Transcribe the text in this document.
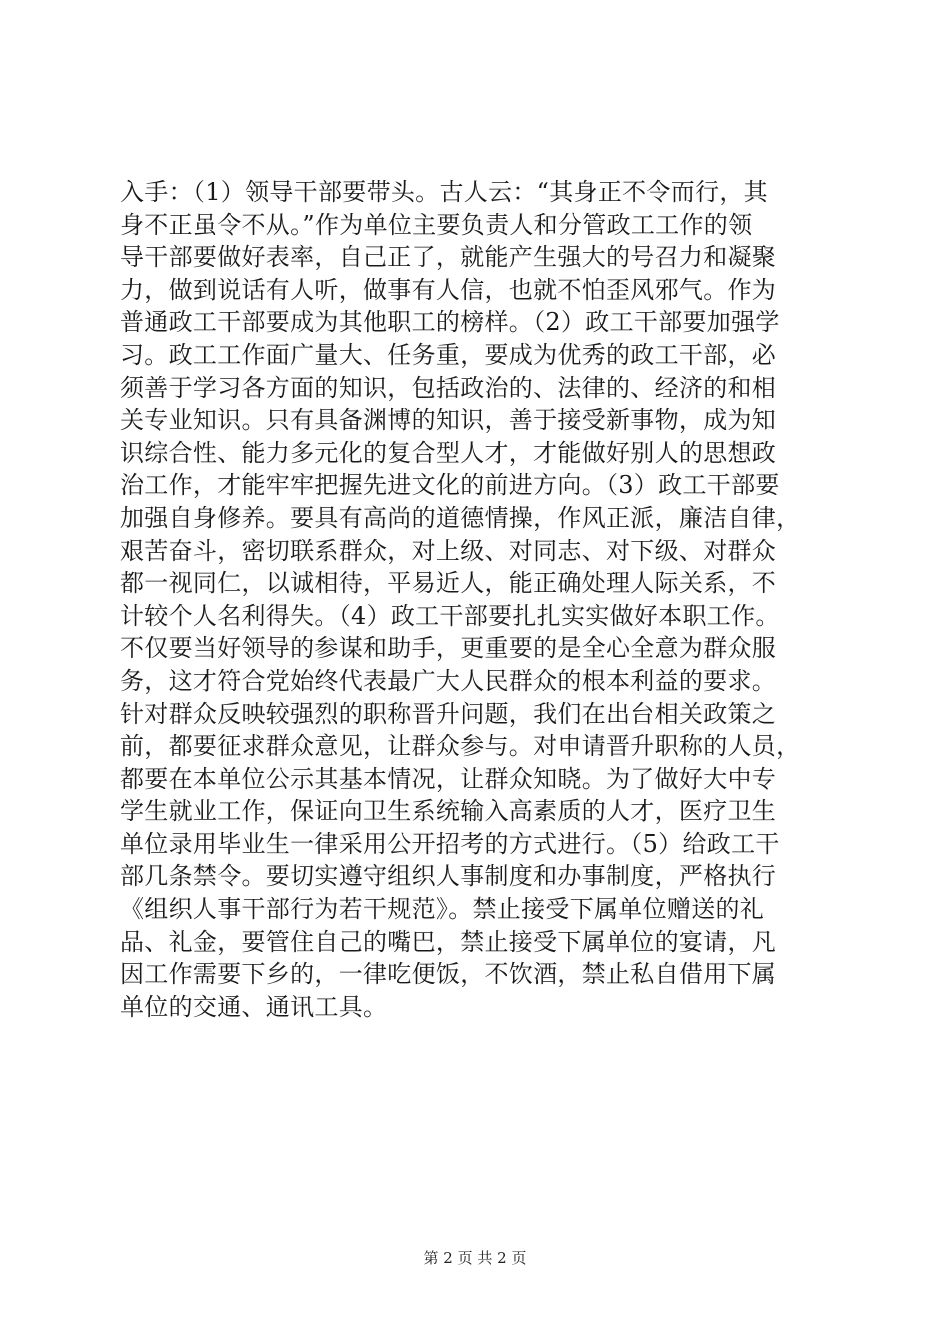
入手：（1）领导干部要带头。古人云：“其身正不令而行，其
身不正虽令不从。”作为单位主要负责人和分管政工工作的领
导干部要做好表率，自己正了，就能产生强大的号召力和凝聚
力，做到说话有人听，做事有人信，也就不怕歪风邪气。作为
普通政工干部要成为其他职工的榜样。（2）政工干部要加强学
习。政工工作面广量大、任务重，要成为优秀的政工干部，必
须善于学习各方面的知识，包括政治的、法律的、经济的和相
关专业知识。只有具备渊博的知识，善于接受新事物，成为知
识综合性、能力多元化的复合型人才，才能做好别人的思想政
治工作，才能牢牢把握先进文化的前进方向。（3）政工干部要
加强自身修养。要具有高尚的道德情操，作风正派，廉洁自律，
艰苦奋斗，密切联系群众，对上级、对同志、对下级、对群众
都一视同仁，以诚相待，平易近人，能正确处理人际关系，不
计较个人名利得失。（4）政工干部要扎扎实实做好本职工作。
不仅要当好领导的参谋和助手，更重要的是全心全意为群众服
务，这才符合党始终代表最广大人民群众的根本利益的要求。
针对群众反映较强烈的职称晋升问题，我们在出台相关政策之
前，都要征求群众意见，让群众参与。对申请晋升职称的人员，
都要在本单位公示其基本情况，让群众知晓。为了做好大中专
学生就业工作，保证向卫生系统输入高素质的人才，医疗卫生
单位录用毕业生一律采用公开招考的方式进行。（5）给政工干
部几条禁令。要切实遵守组织人事制度和办事制度，严格执行
《组织人事干部行为若干规范》。禁止接受下属单位赠送的礼
品、礼金，要管住自己的嘴巴，禁止接受下属单位的宴请，凡
因工作需要下乡的，一律吃便饭，不饮酒，禁止私自借用下属
单位的交通、通讯工具。
第 2 页 共 2 页
